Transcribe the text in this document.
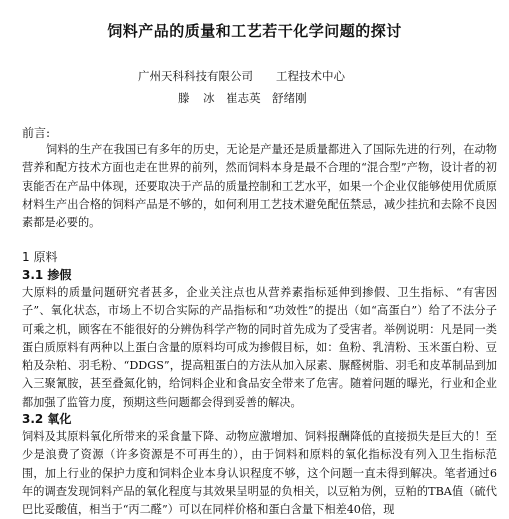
饲料产品的质量和工艺若干化学问题的探讨
广州天科科技有限公司　　工程技术中心
滕 冰　崔志英　舒绪刚
前言:

饲料的生产在我国已有多年的历史，无论是产量还是质量都进入了国际先进的行列，在动物营养和配方技术方面也走在世界的前列，然而饲料本身是最不合理的“混合型”产物，设计者的初衷能否在产品中体现，还要取决于产品的质量控制和工艺水平，如果一个企业仅能够使用优质原材料生产出合格的饲料产品是不够的，如何利用工艺技术避免配伍禁忌，减少挂抗和去除不良因素都是必要的。

1 原料
3.1 掺假

大原料的质量问题研究者甚多，企业关注点也从营养素指标延伸到掺假、卫生指标、“有害因子”、氧化状态，市场上不切合实际的产品指标和“功效性”的提出（如“高蛋白”）给了不法分子可乘之机，顾客在不能很好的分辨伪科学产物的同时首先成为了受害者。举例说明：凡是同一类蛋白质原料有两种以上蛋白含量的原料均可成为掺假目标，如：鱼粉、乳清粉、玉米蛋白粉、豆粕及杂粕、羽毛粉、“DDGS”，提高粗蛋白的方法从加入尿素、脲醛树脂、羽毛和皮革制品到加入三聚氰胺，甚至叠氮化钠，给饲料企业和食品安全带来了危害。随着问题的曝光，行业和企业都加强了监管力度，预期这些问题都会得到妥善的解决。

3.2 氧化

饲料及其原料氧化所带来的采食量下降、动物应激增加、饲料报酬降低的直接损失是巨大的！至少是浪费了资源（许多资源是不可再生的），由于饲料和原料的氧化指标没有列入卫生指标范围，加上行业的保护力度和饲料企业本身认识程度不够，这个问题一直未得到解决。笔者通过6年的调查发现饲料产品的氧化程度与其效果呈明显的负相关，以豆粕为例，豆粕的TBA值（硫代巴比妥酸值，相当于“丙二醛”）可以在同样价格和蛋白含量下相差40倍，现
